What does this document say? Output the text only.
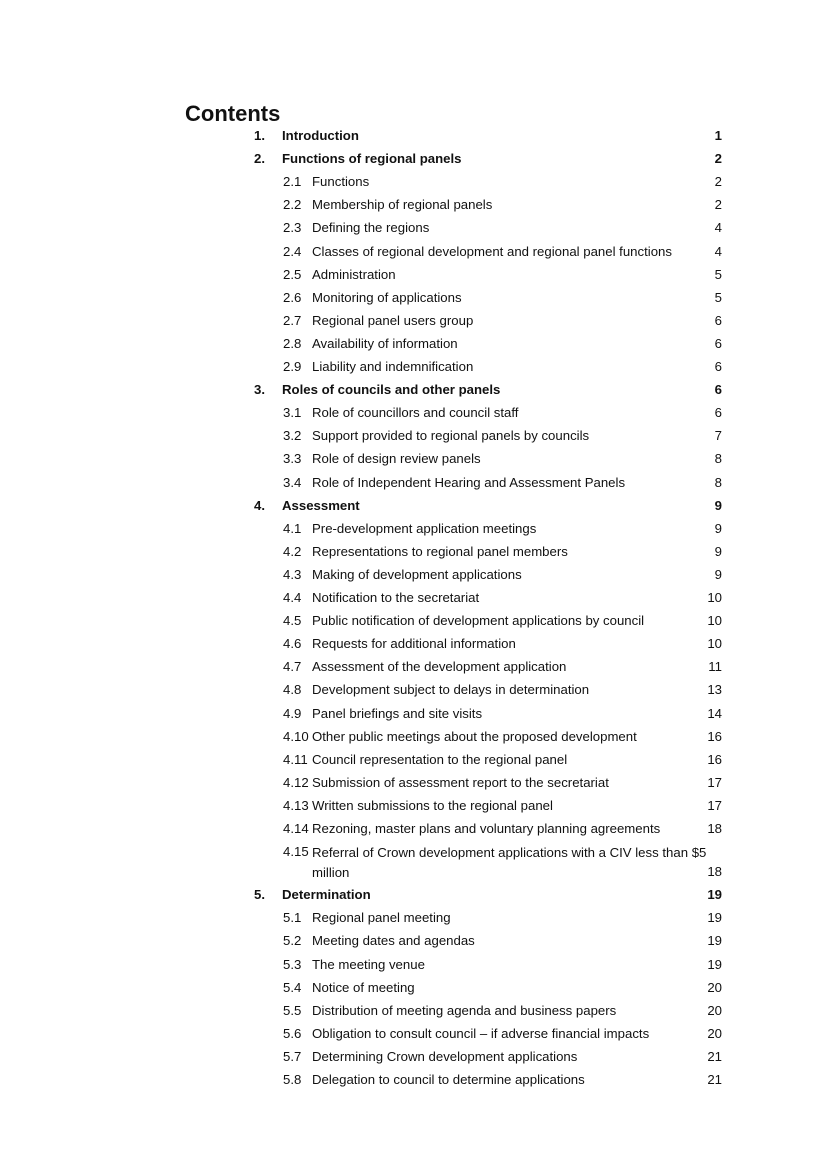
Contents
1. Introduction	1
2. Functions of regional panels	2
2.1 Functions	2
2.2 Membership of regional panels	2
2.3 Defining the regions	4
2.4 Classes of regional development and regional panel functions	4
2.5 Administration	5
2.6 Monitoring of applications	5
2.7 Regional panel users group	6
2.8 Availability of information	6
2.9 Liability and indemnification	6
3. Roles of councils and other panels	6
3.1 Role of councillors and council staff	6
3.2 Support provided to regional panels by councils	7
3.3 Role of design review panels	8
3.4 Role of Independent Hearing and Assessment Panels	8
4. Assessment	9
4.1 Pre-development application meetings	9
4.2 Representations to regional panel members	9
4.3 Making of development applications	9
4.4 Notification to the secretariat	10
4.5 Public notification of development applications by council	10
4.6 Requests for additional information	10
4.7 Assessment of the development application	11
4.8 Development subject to delays in determination	13
4.9 Panel briefings and site visits	14
4.10 Other public meetings about the proposed development	16
4.11 Council representation to the regional panel	16
4.12 Submission of assessment report to the secretariat	17
4.13 Written submissions to the regional panel	17
4.14 Rezoning, master plans and voluntary planning agreements	18
4.15 Referral of Crown development applications with a CIV less than $5 million	18
5. Determination	19
5.1 Regional panel meeting	19
5.2 Meeting dates and agendas	19
5.3 The meeting venue	19
5.4 Notice of meeting	20
5.5 Distribution of meeting agenda and business papers	20
5.6 Obligation to consult council – if adverse financial impacts	20
5.7 Determining Crown development applications	21
5.8 Delegation to council to determine applications	21
